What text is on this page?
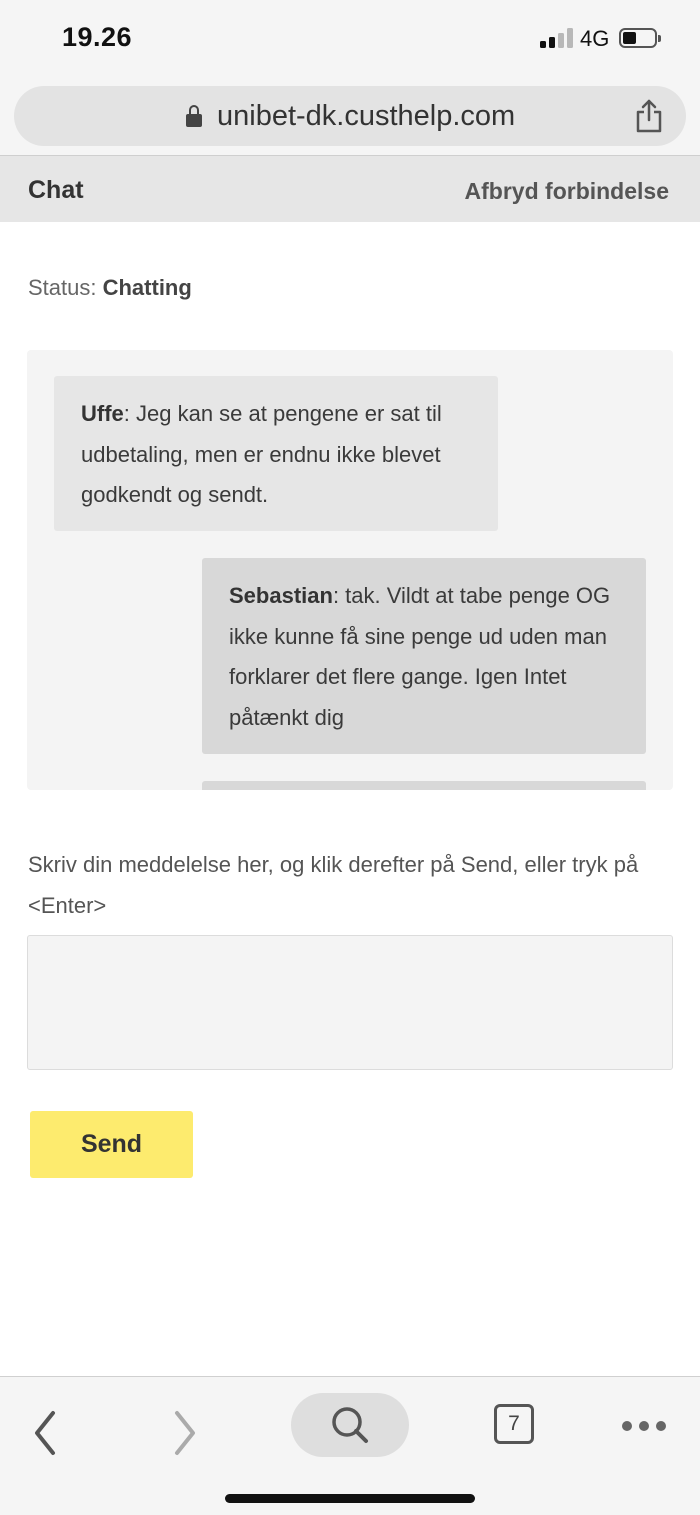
19.26	4G
unibet-dk.custhelp.com
Chat	Afbryd forbindelse
Status: Chatting
Uffe: Jeg kan se at pengene er sat til udbetaling, men er endnu ikke blevet godkendt og sendt.
Sebastian: tak. Vildt at tabe penge OG ikke kunne få sine penge ud uden man forklarer det flere gange. Igen Intet påtænkt dig
Skriv din meddelelse her, og klik derefter på Send, eller tryk på <Enter>
Send
7
